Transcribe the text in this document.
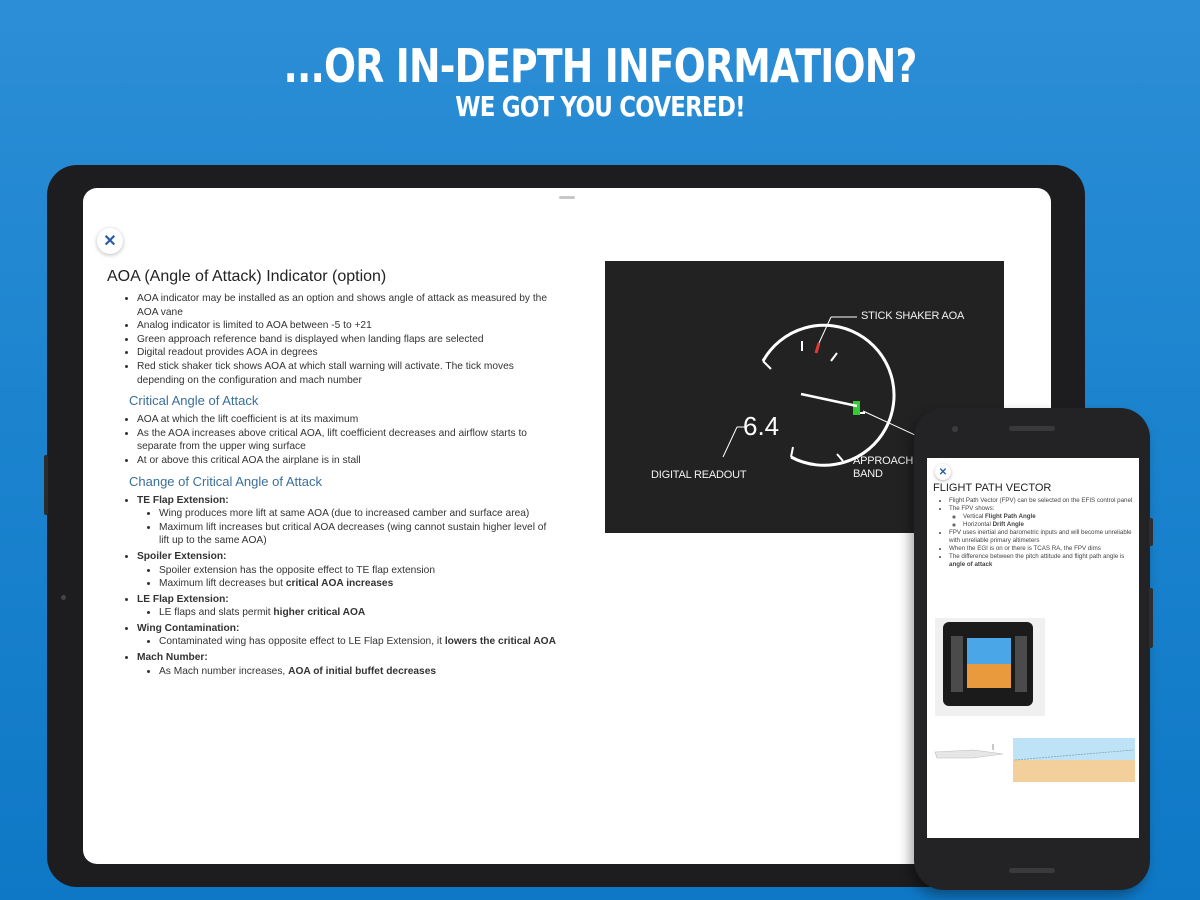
...OR IN-DEPTH INFORMATION?
WE GOT YOU COVERED!
✕
AOA (Angle of Attack) Indicator (option)
• AOA indicator may be installed as an option and shows angle of attack as measured by the AOA vane
• Analog indicator is limited to AOA between -5 to +21
• Green approach reference band is displayed when landing flaps are selected
• Digital readout provides AOA in degrees
• Red stick shaker tick shows AOA at which stall warning will activate. The tick moves depending on the configuration and mach number
Critical Angle of Attack
• AOA at which the lift coefficient is at its maximum
• As the AOA increases above critical AOA, lift coefficient decreases and airflow starts to separate from the upper wing surface
• At or above this critical AOA the airplane is in stall
Change of Critical Angle of Attack
• TE Flap Extension:
• Wing produces more lift at same AOA (due to increased camber and surface area)
• Maximum lift increases but critical AOA decreases (wing cannot sustain higher level of lift up to the same AOA)
• Spoiler Extension:
• Spoiler extension has the opposite effect to TE flap extension
• Maximum lift decreases but critical AOA increases
• LE Flap Extension:
• LE flaps and slats permit higher critical AOA
• Wing Contamination:
• Contaminated wing has opposite effect to LE Flap Extension, it lowers the critical AOA
• Mach Number:
• As Mach number increases, AOA of initial buffet decreases
STICK SHAKER AOA
6.4
DIGITAL READOUT
APPROACH
BAND	✕
FLIGHT PATH VECTOR
• Flight Path Vector (FPV) can be selected on the EFIS control panel
• The FPV shows:
◦ Vertical Flight Path Angle
◦ Horizontal Drift Angle
• FPV uses inertial and barometric inputs and will become unreliable with unreliable primary altimeters
• When the EGI is on or there is TCAS RA, the FPV dims
• The difference between the pitch attitude and flight path angle is angle of attack
